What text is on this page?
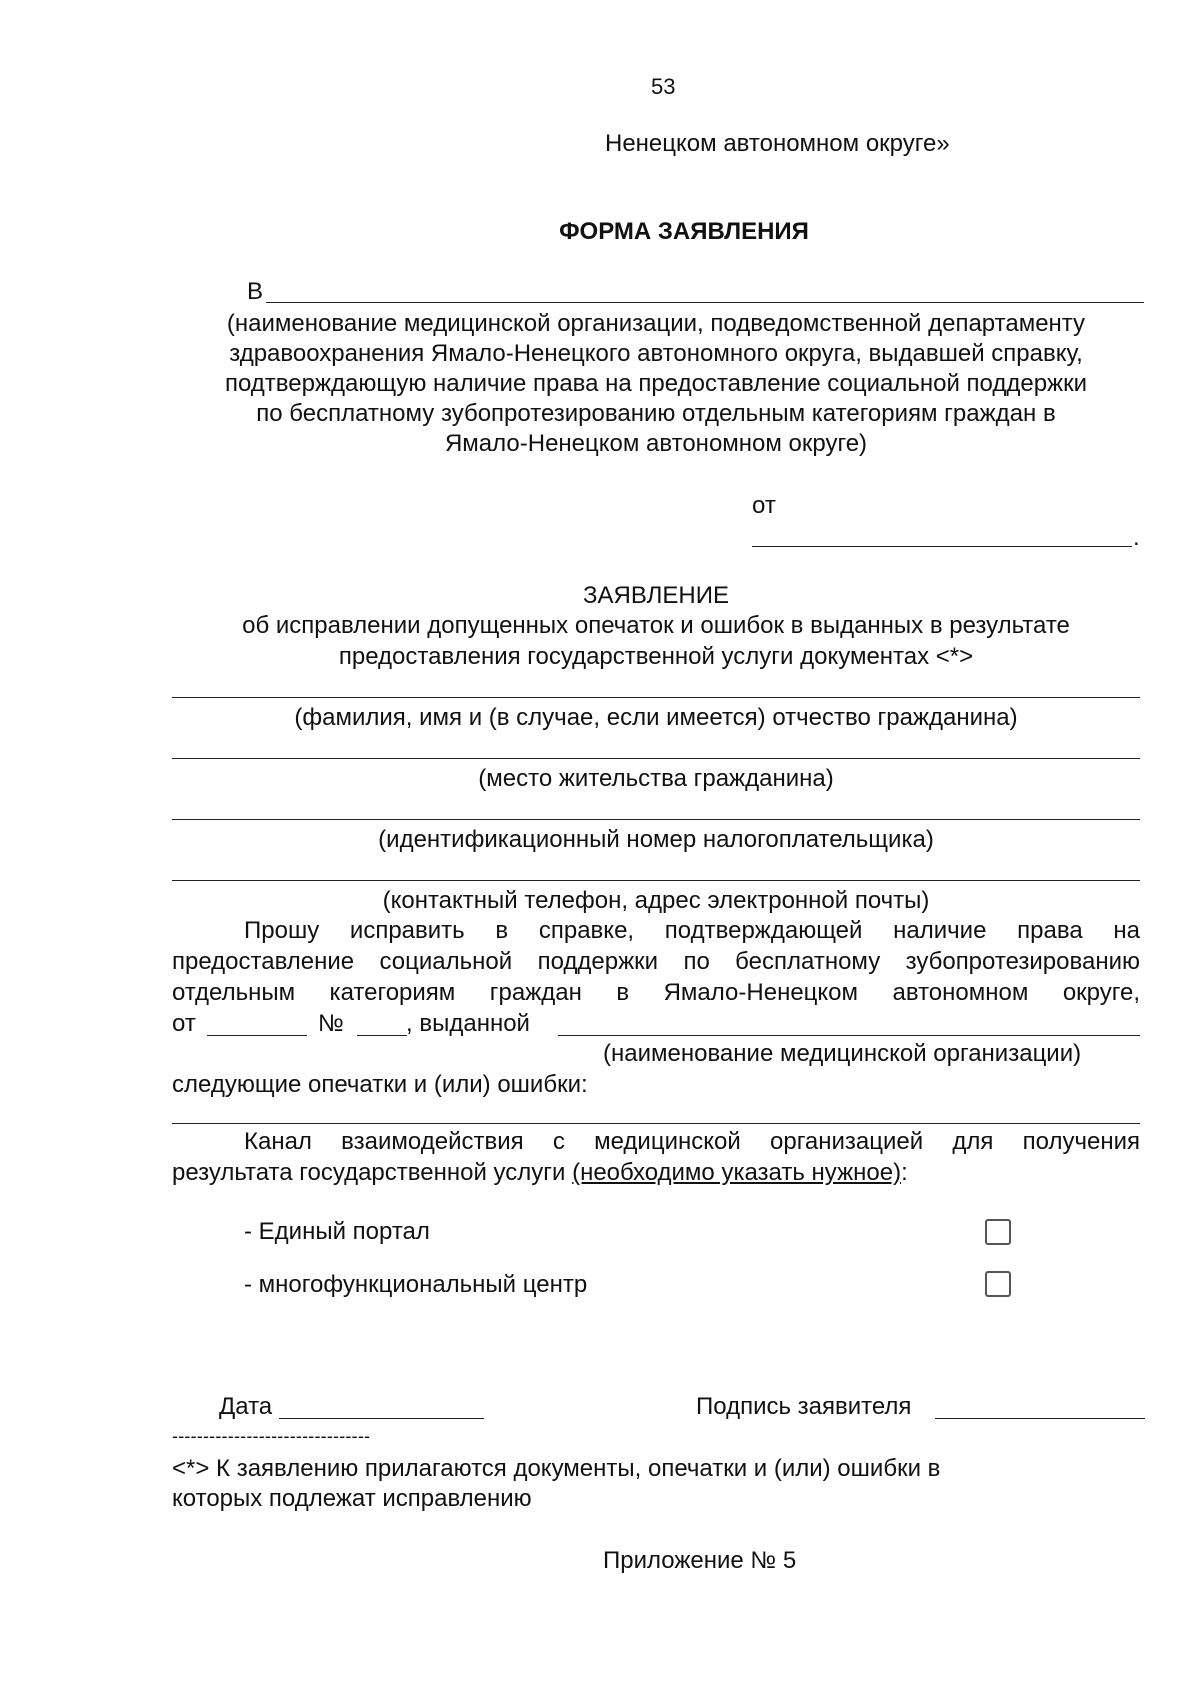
53
Ненецком автономном округе»
ФОРМА ЗАЯВЛЕНИЯ
В
(наименование медицинской организации, подведомственной департаменту
здравоохранения Ямало-Ненецкого автономного округа, выдавшей справку,
подтверждающую наличие права на предоставление социальной поддержки
по бесплатному зубопротезированию отдельным категориям граждан в
Ямало-Ненецком автономном округе)
от
.
ЗАЯВЛЕНИЕ
об исправлении допущенных опечаток и ошибок в выданных в результате
предоставления государственной услуги документах <*>
(фамилия, имя и (в случае, если имеется) отчество гражданина)
(место жительства гражданина)
(идентификационный номер налогоплательщика)
(контактный телефон, адрес электронной почты)
Прошу исправить в справке, подтверждающей наличие права на
предоставление социальной поддержки по бесплатному зубопротезированию
отдельным категориям граждан в Ямало-Ненецком автономном округе,
от	№	, выданной
(наименование медицинской организации)
следующие опечатки и (или) ошибки:
Канал взаимодействия с медицинской организацией для получения
результата государственной услуги (необходимо указать нужное):
- Единый портал
- многофункциональный центр
Дата	Подпись заявителя
--------------------------------
<*> К заявлению прилагаются документы, опечатки и (или) ошибки в
которых подлежат исправлению
Приложение № 5
